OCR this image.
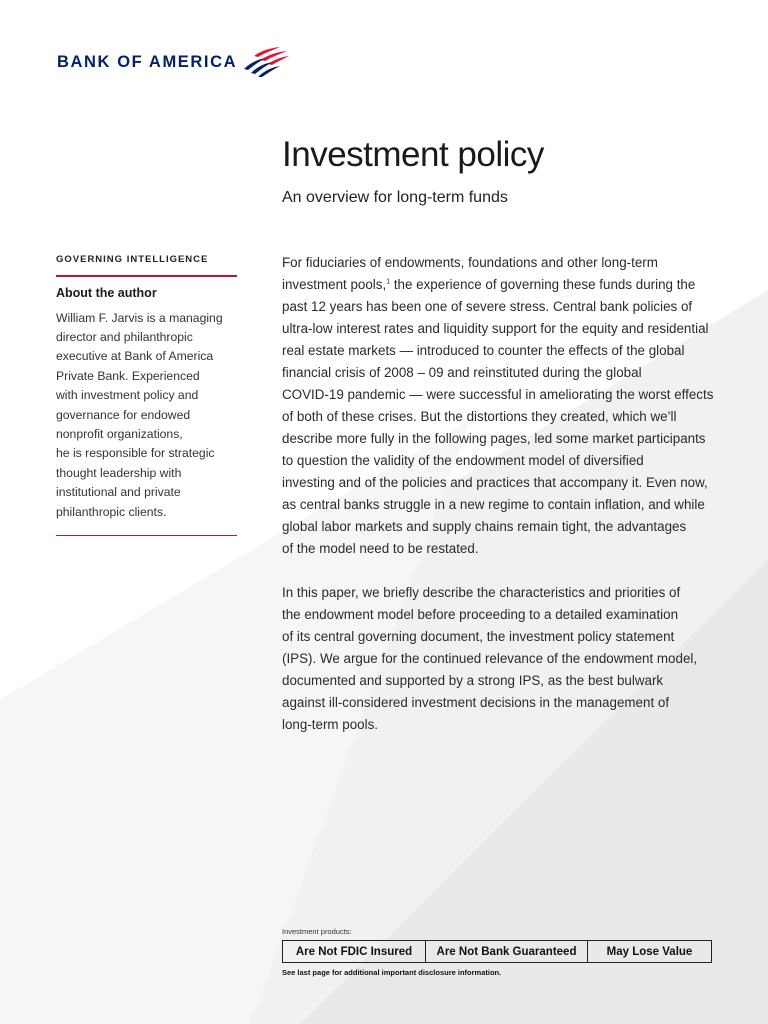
BANK OF AMERICA
Investment policy
An overview for long-term funds
GOVERNING INTELLIGENCE
About the author
William F. Jarvis is a managing
director and philanthropic
executive at Bank of America
Private Bank. Experienced
with investment policy and
governance for endowed
nonprofit organizations,
he is responsible for strategic
thought leadership with
institutional and private
philanthropic clients.
For fiduciaries of endowments, foundations and other long-term
investment pools,$^1$ the experience of governing these funds during the
past 12 years has been one of severe stress. Central bank policies of
ultra-low interest rates and liquidity support for the equity and residential
real estate markets — introduced to counter the effects of the global
financial crisis of 2008 – 09 and reinstituted during the global
COVID-19 pandemic — were successful in ameliorating the worst effects
of both of these crises. But the distortions they created, which we’ll
describe more fully in the following pages, led some market participants
to question the validity of the endowment model of diversified
investing and of the policies and practices that accompany it. Even now,
as central banks struggle in a new regime to contain inflation, and while
global labor markets and supply chains remain tight, the advantages
of the model need to be restated.
In this paper, we briefly describe the characteristics and priorities of
the endowment model before proceeding to a detailed examination
of its central governing document, the investment policy statement
(IPS). We argue for the continued relevance of the endowment model,
documented and supported by a strong IPS, as the best bulwark
against ill-considered investment decisions in the management of
long-term pools.
Investment products:
Are Not FDIC Insured	Are Not Bank Guaranteed	May Lose Value
See last page for additional important disclosure information.
